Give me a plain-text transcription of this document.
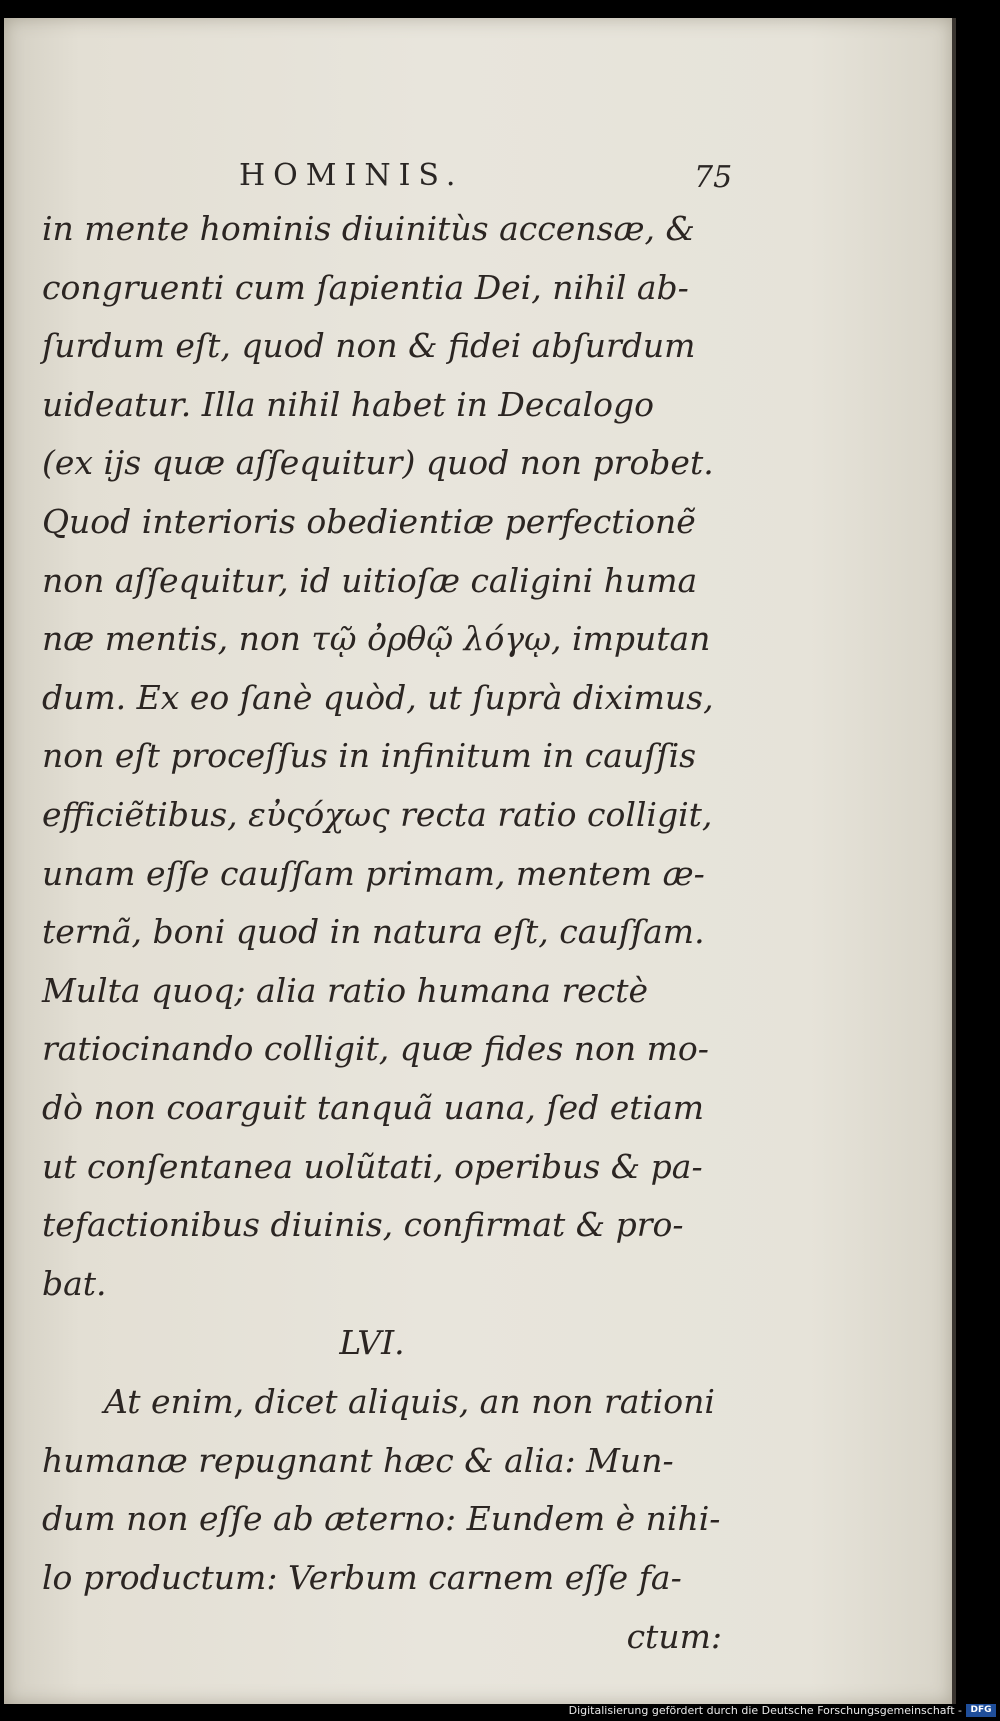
HOMINIS.	75
in mente hominis diuinitùs accensæ, &
congruenti cum ſapientia Dei, nihil ab-
ſurdum eſt, quod non & fidei abſurdum
uideatur. Illa nihil habet in Decalogo
(ex ijs quæ aſſequitur) quod non probet.
Quod interioris obedientiæ perfectionẽ
non aſſequitur, id uitioſæ caligini huma
næ mentis, non τῷ ὀρθῷ λόγῳ, imputan
dum. Ex eo ſanè quòd, ut ſuprà diximus,
non eſt proceſſus in infinitum in cauſſis
efficiẽtibus, εὐςόχως recta ratio colligit,
unam eſſe cauſſam primam, mentem æ-
ternã, boni quod in natura eſt, cauſſam.
Multa quoq; alia ratio humana rectè
ratiocinando colligit, quæ fides non mo-
dò non coarguit tanquã uana, ſed etiam
ut conſentanea uolũtati, operibus & pa-
tefactionibus diuinis, confirmat & pro-
bat.
LVI.
At enim, dicet aliquis, an non rationi
humanæ repugnant hæc & alia: Mun-
dum non eſſe ab æterno: Eundem è nihi-
lo productum: Verbum carnem eſſe fa-
ctum:
Digitalisierung gefördert durch die Deutsche Forschungsgemeinschaft - DFG
